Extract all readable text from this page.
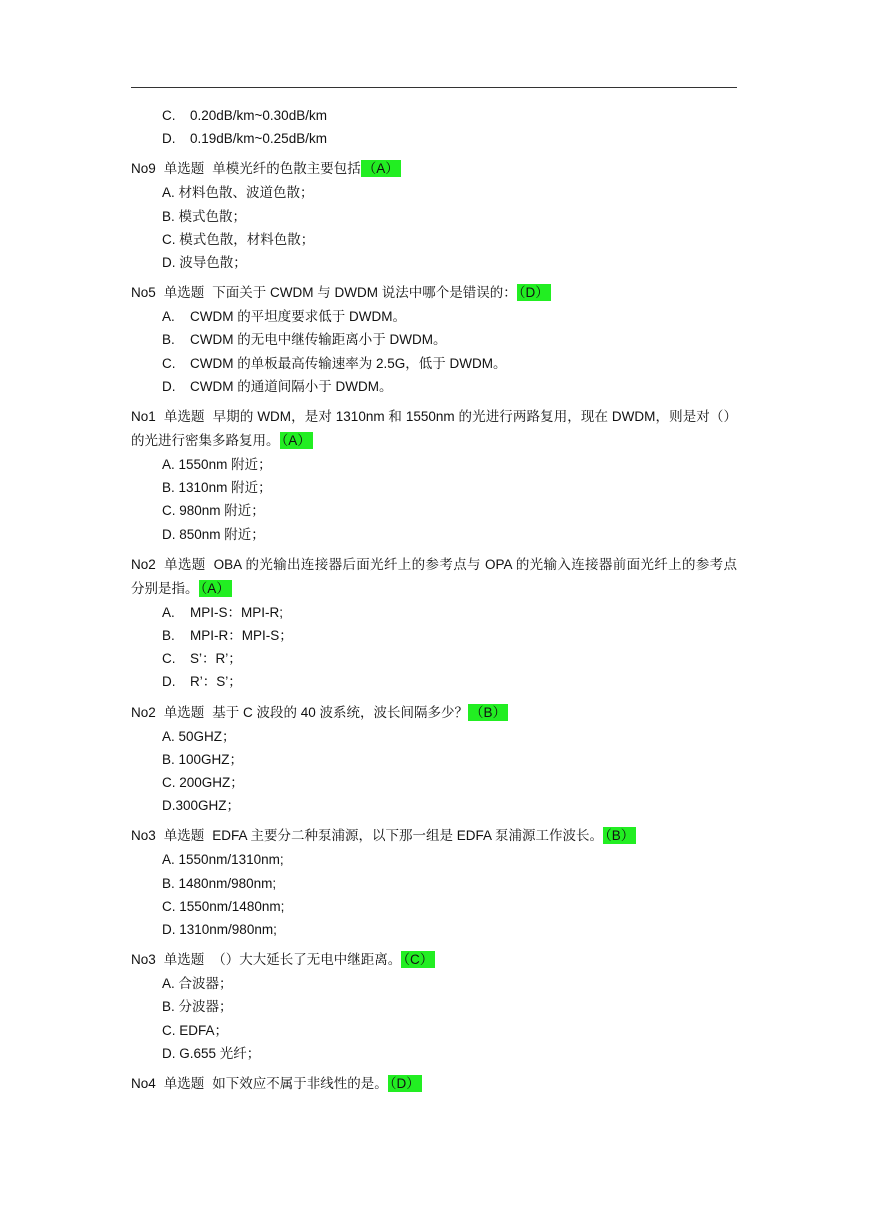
C. 0.20dB/km~0.30dB/km
D. 0.19dB/km~0.25dB/km
No9 单选题 单模光纤的色散主要包括 （A）
A. 材料色散、波道色散；
B. 模式色散；
C. 模式色散，材料色散；
D. 波导色散；
No5 单选题 下面关于 CWDM 与 DWDM 说法中哪个是错误的： （D）
A. CWDM 的平坦度要求低于 DWDM。
B. CWDM 的无电中继传输距离小于 DWDM。
C. CWDM 的单板最高传输速率为 2.5G，低于 DWDM。
D. CWDM 的通道间隔小于 DWDM。
No1 单选题 早期的 WDM，是对 1310nm 和 1550nm 的光进行两路复用，现在 DWDM，则是对（）的光进行密集多路复用。 （A）
A. 1550nm 附近；
B. 1310nm 附近；
C. 980nm 附近；
D. 850nm 附近；
No2 单选题 OBA 的光输出连接器后面光纤上的参考点与 OPA 的光输入连接器前面光纤上的参考点分别是指。 （A）
A. MPI-S：MPI-R;
B. MPI-R：MPI-S；
C. S’：R’；
D. R’：S’；
No2 单选题 基于 C 波段的 40 波系统，波长间隔多少？ （B）
A. 50GHZ；
B. 100GHZ；
C. 200GHZ；
D.300GHZ；
No3 单选题 EDFA 主要分二种泵浦源，以下那一组是 EDFA 泵浦源工作波长。 （B）
A. 1550nm/1310nm;
B. 1480nm/980nm;
C. 1550nm/1480nm;
D. 1310nm/980nm;
No3 单选题 （）大大延长了无电中继距离。 （C）
A. 合波器；
B. 分波器；
C. EDFA；
D. G.655 光纤；
No4 单选题 如下效应不属于非线性的是。 （D）
